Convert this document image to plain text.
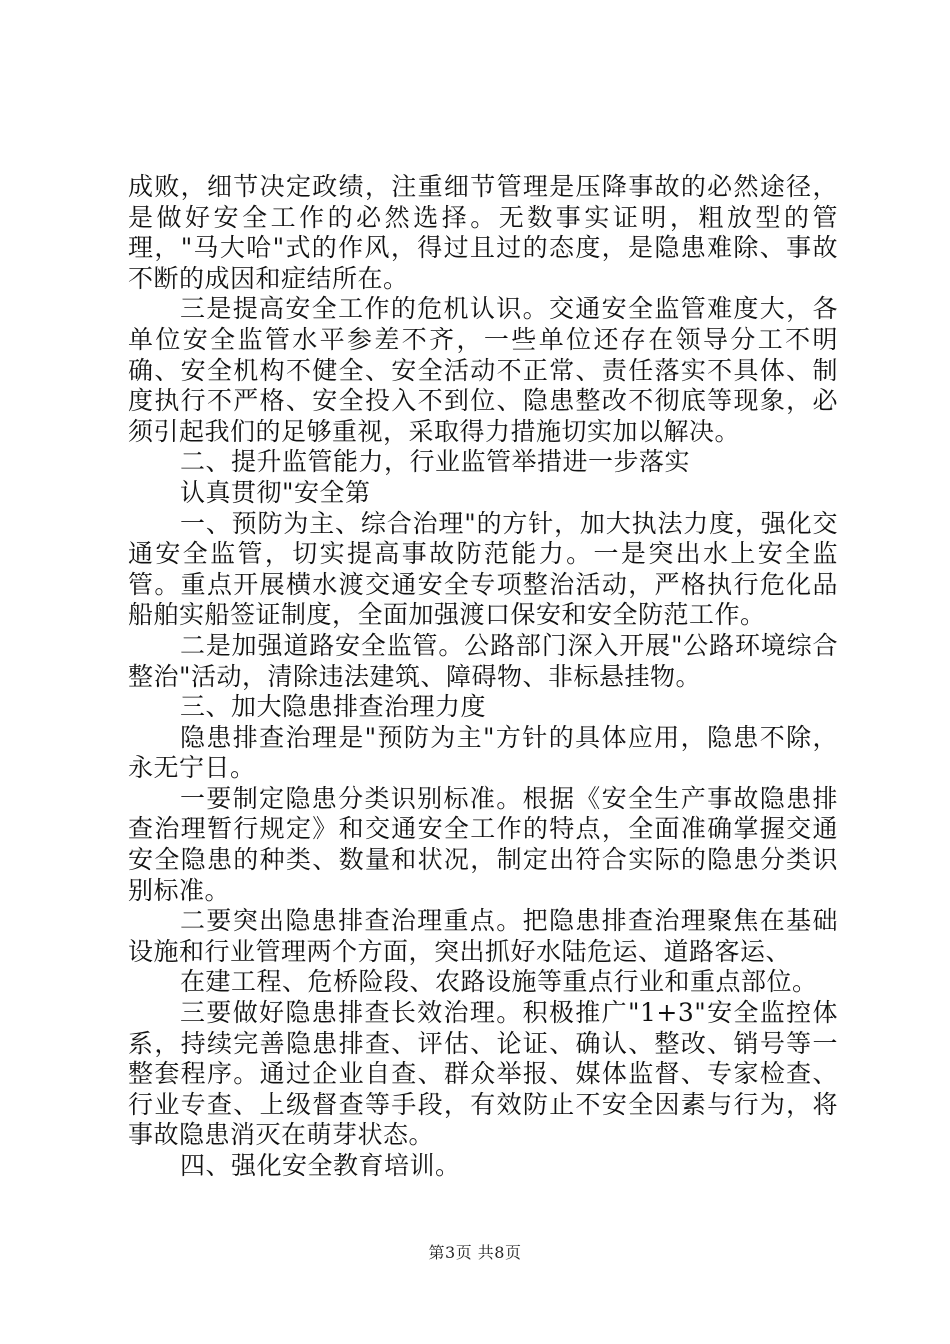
成败，细节决定政绩，注重细节管理是压降事故的必然途径，是做好安全工作的必然选择。无数事实证明，粗放型的管理，"马大哈"式的作风，得过且过的态度，是隐患难除、事故不断的成因和症结所在。

三是提高安全工作的危机认识。交通安全监管难度大，各单位安全监管水平参差不齐，一些单位还存在领导分工不明确、安全机构不健全、安全活动不正常、责任落实不具体、制度执行不严格、安全投入不到位、隐患整改不彻底等现象，必须引起我们的足够重视，采取得力措施切实加以解决。

二、提升监管能力，行业监管举措进一步落实

认真贯彻"安全第

一、预防为主、综合治理"的方针，加大执法力度，强化交通安全监管，切实提高事故防范能力。一是突出水上安全监管。重点开展横水渡交通安全专项整治活动，严格执行危化品船舶实船签证制度，全面加强渡口保安和安全防范工作。

二是加强道路安全监管。公路部门深入开展"公路环境综合整治"活动，清除违法建筑、障碍物、非标悬挂物。

三、加大隐患排查治理力度

隐患排查治理是"预防为主"方针的具体应用，隐患不除，永无宁日。

一要制定隐患分类识别标准。根据《安全生产事故隐患排查治理暂行规定》和交通安全工作的特点，全面准确掌握交通安全隐患的种类、数量和状况，制定出符合实际的隐患分类识别标准。

二要突出隐患排查治理重点。把隐患排查治理聚焦在基础设施和行业管理两个方面，突出抓好水陆危运、道路客运、

在建工程、危桥险段、农路设施等重点行业和重点部位。

三要做好隐患排查长效治理。积极推广"1+3"安全监控体系，持续完善隐患排查、评估、论证、确认、整改、销号等一整套程序。通过企业自查、群众举报、媒体监督、专家检查、行业专查、上级督查等手段，有效防止不安全因素与行为，将事故隐患消灭在萌芽状态。

四、强化安全教育培训。

第3页 共8页
